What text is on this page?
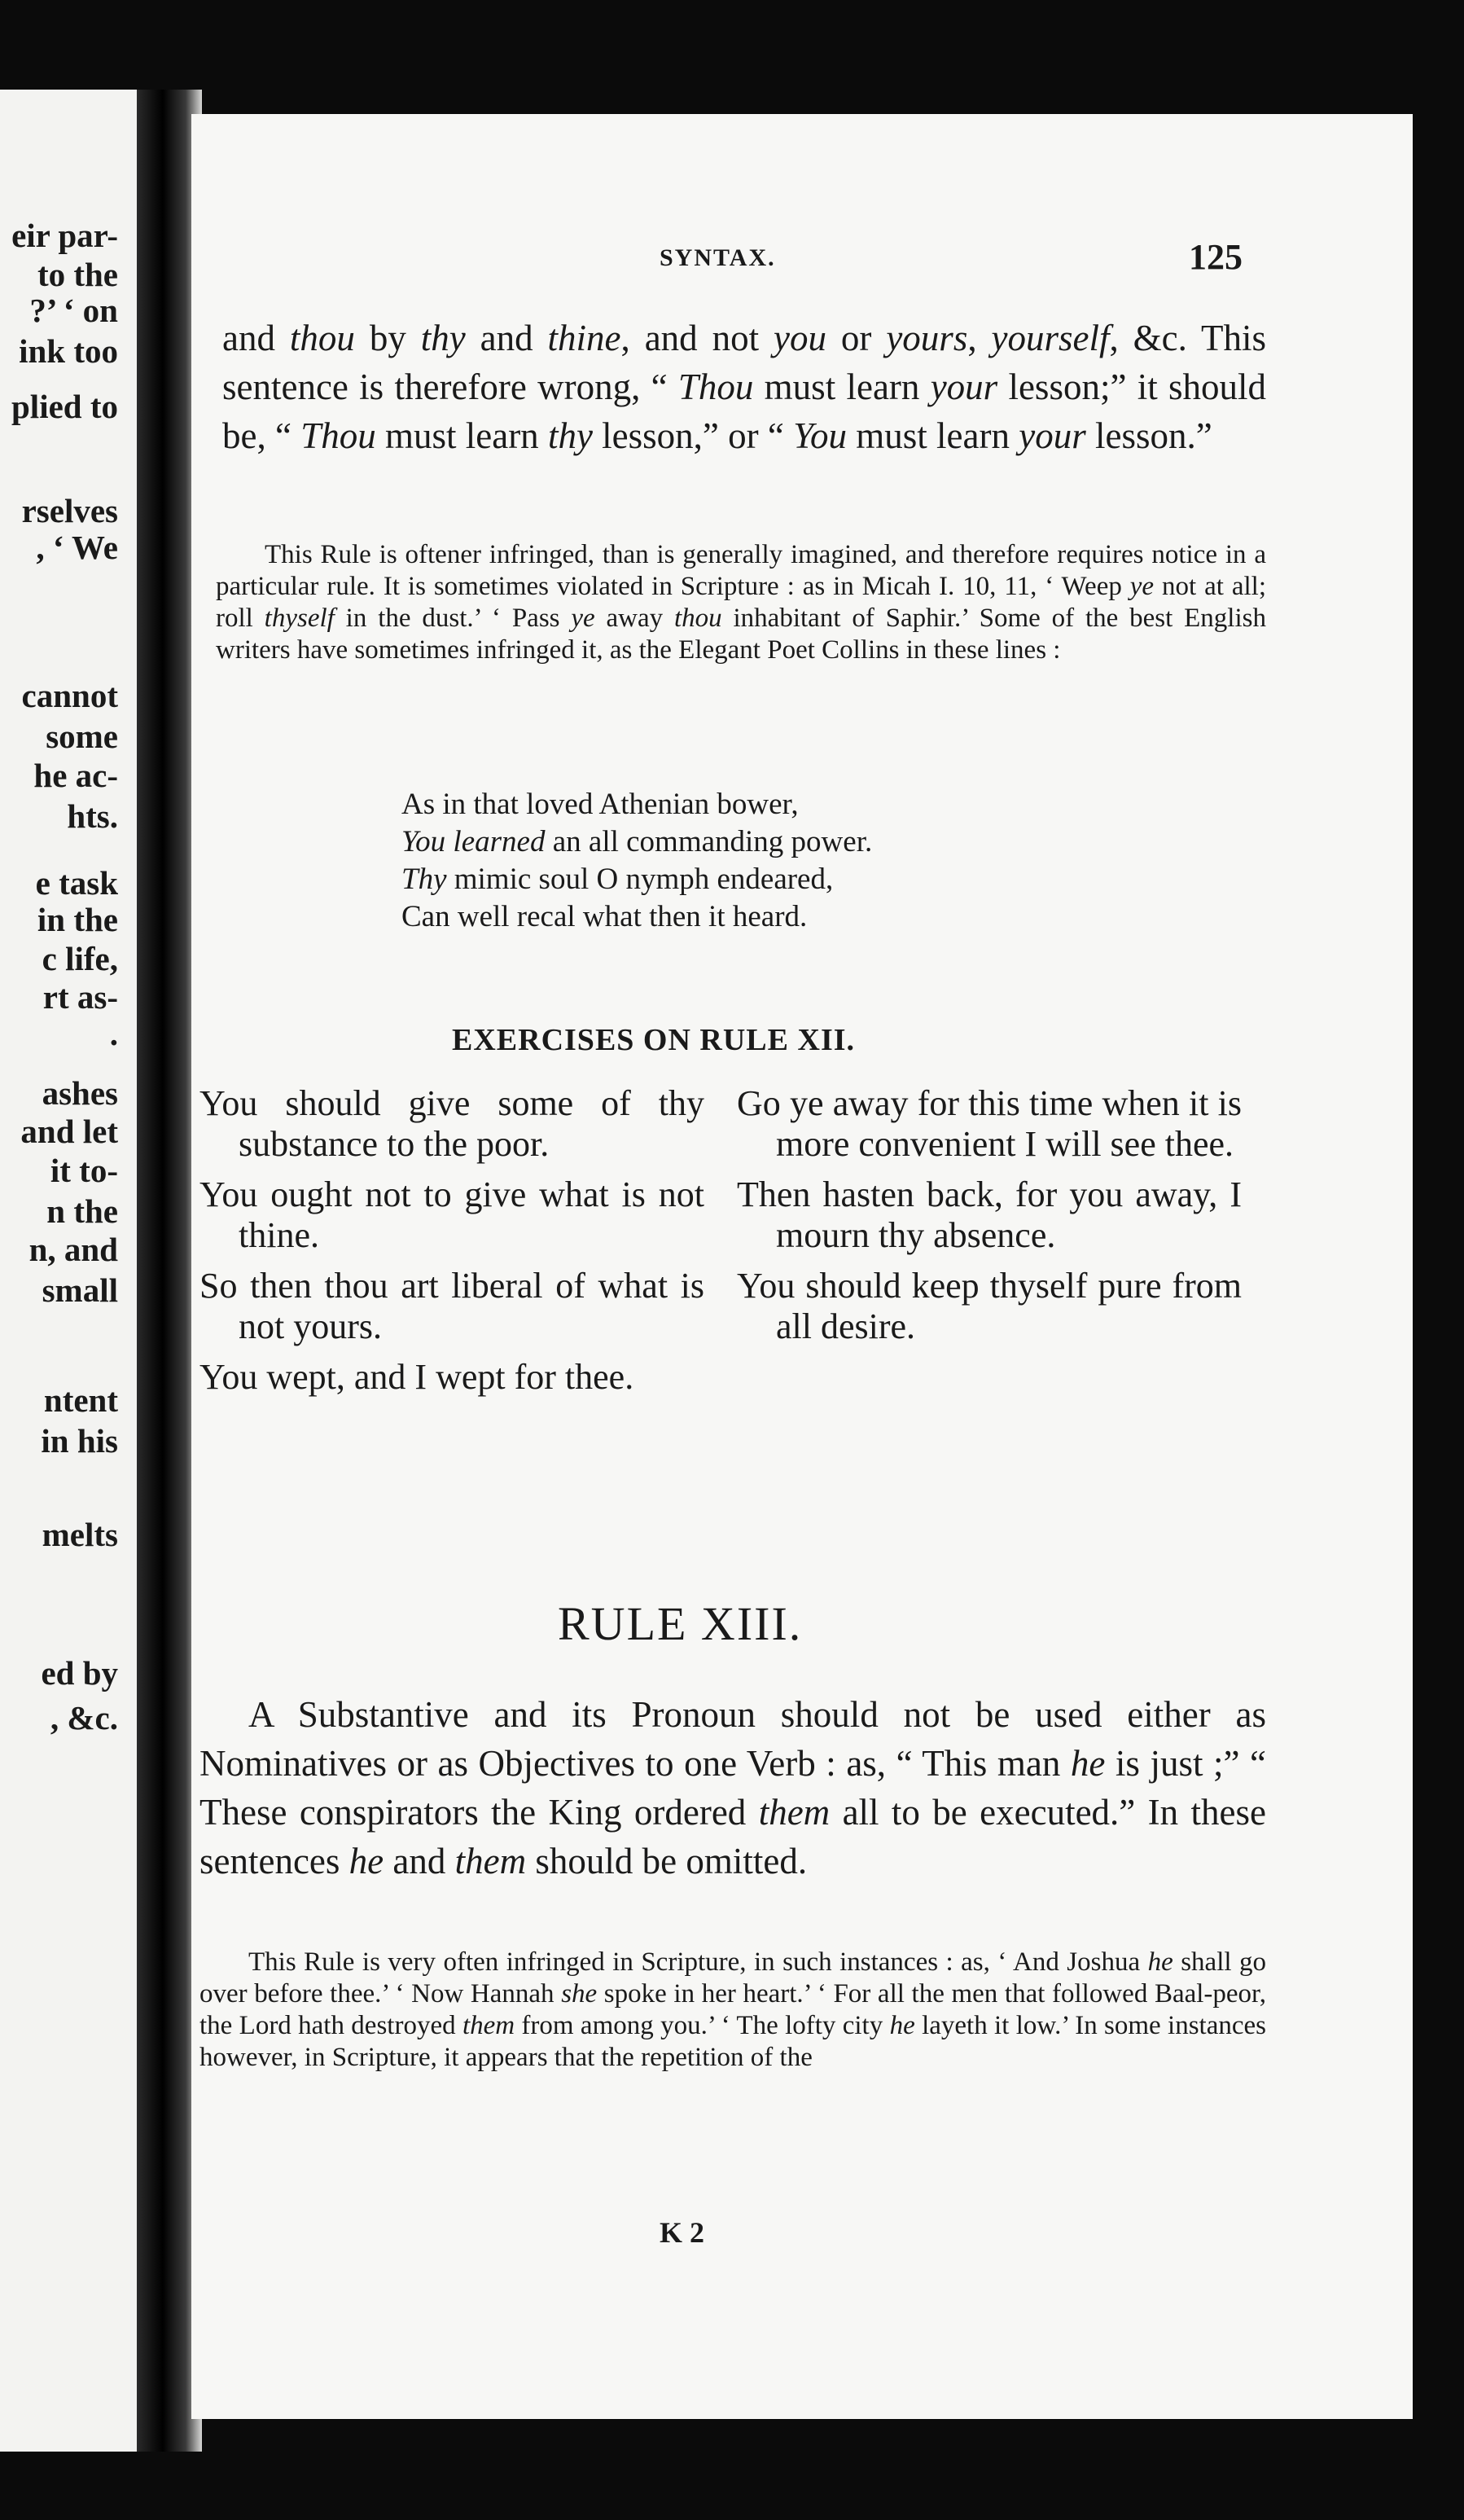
eir par-
to the
?’ ‘ on
ink too
plied to
rselves
, ‘ We
cannot
some
he ac-
hts.
e task
in the
c life,
rt as-
.
ashes
and let
it to-
n the
n, and
small
ntent
in his
melts
ed by
, &c.
SYNTAX.	125

and thou by thy and thine, and not you or yours, yourself, &c. This sentence is therefore wrong, “ Thou must learn your lesson;” it should be, “ Thou must learn thy lesson,” or “ You must learn your lesson.”

This Rule is oftener infringed, than is generally imagined, and therefore requires notice in a particular rule. It is sometimes violated in Scripture : as in Micah I. 10, 11, ‘ Weep ye not at all; roll thyself in the dust.’ ‘ Pass ye away thou inhabitant of Saphir.’ Some of the best English writers have sometimes infringed it, as the Elegant Poet Collins in these lines :

As in that loved Athenian bower,
You learned an all commanding power.
Thy mimic soul O nymph endeared,
Can well recal what then it heard.
EXERCISES ON RULE XII.
You should give some of thy substance to the poor.
You ought not to give what is not thine.
So then thou art liberal of what is not yours.
You wept, and I wept for thee.
Go ye away for this time when it is more convenient I will see thee.
Then hasten back, for you away, I mourn thy absence.
You should keep thyself pure from all desire.
RULE XIII.

A Substantive and its Pronoun should not be used either as Nominatives or as Objectives to one Verb : as, “ This man he is just ;” “ These conspirators the King ordered them all to be executed.” In these sentences he and them should be omitted.

This Rule is very often infringed in Scripture, in such instances : as, ‘ And Joshua he shall go over before thee.’ ‘ Now Hannah she spoke in her heart.’ ‘ For all the men that followed Baal-peor, the Lord hath destroyed them from among you.’ ‘ The lofty city he layeth it low.’ In some instances however, in Scripture, it appears that the repetition of the

K 2
